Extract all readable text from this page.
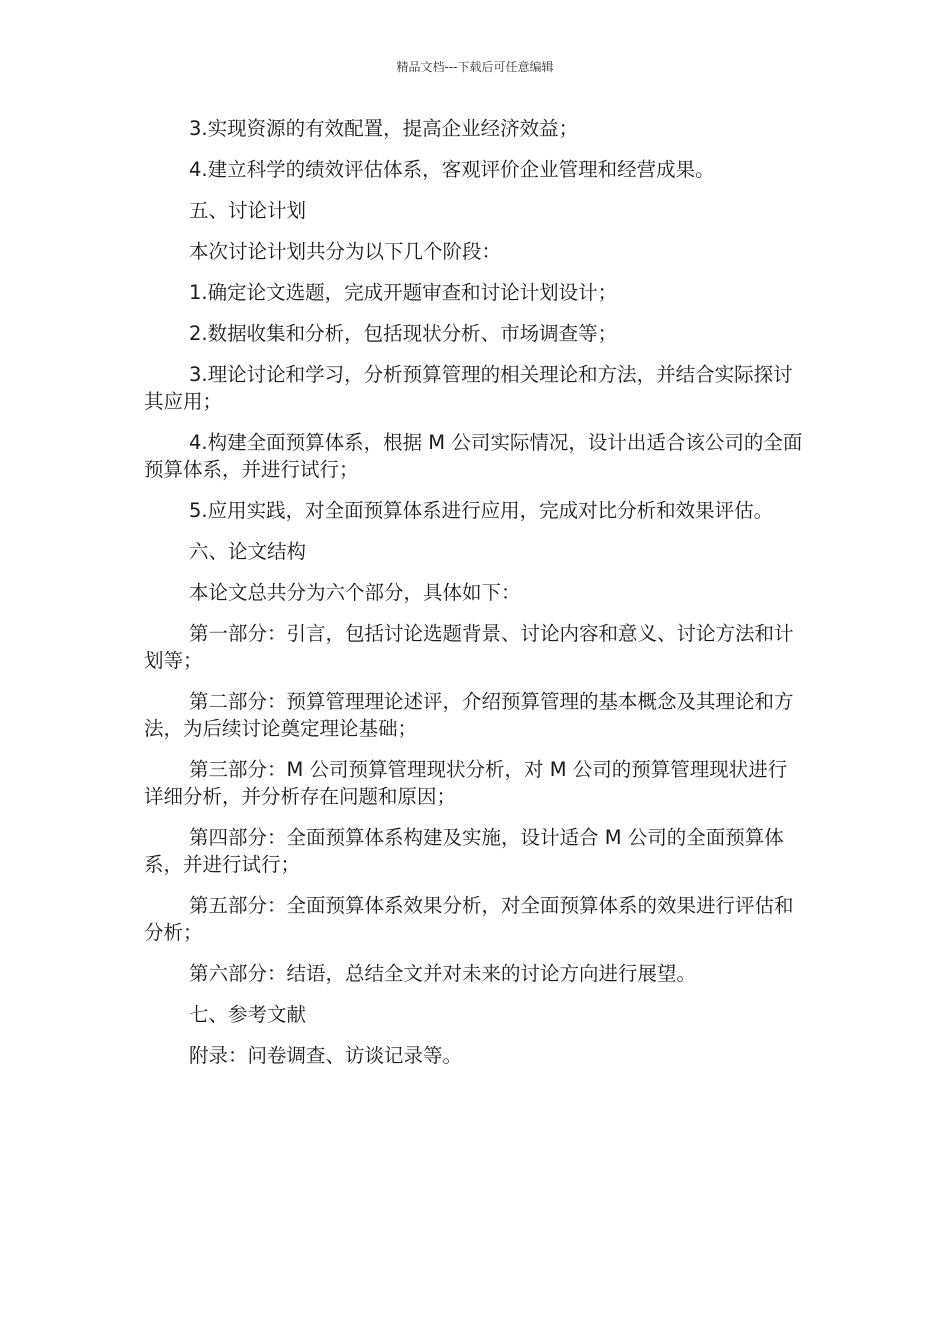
精品文档---下载后可任意编辑

3.实现资源的有效配置，提高企业经济效益；

4.建立科学的绩效评估体系，客观评价企业管理和经营成果。

五、讨论计划

本次讨论计划共分为以下几个阶段：

1.确定论文选题，完成开题审查和讨论计划设计；

2.数据收集和分析，包括现状分析、市场调查等；

3.理论讨论和学习，分析预算管理的相关理论和方法，并结合实际探讨其应用；

4.构建全面预算体系，根据 M 公司实际情况，设计出适合该公司的全面预算体系，并进行试行；

5.应用实践，对全面预算体系进行应用，完成对比分析和效果评估。

六、论文结构

本论文总共分为六个部分，具体如下：

第一部分：引言，包括讨论选题背景、讨论内容和意义、讨论方法和计划等；

第二部分：预算管理理论述评，介绍预算管理的基本概念及其理论和方法，为后续讨论奠定理论基础；

第三部分：M 公司预算管理现状分析，对 M 公司的预算管理现状进行详细分析，并分析存在问题和原因；

第四部分：全面预算体系构建及实施，设计适合 M 公司的全面预算体系，并进行试行；

第五部分：全面预算体系效果分析，对全面预算体系的效果进行评估和分析；

第六部分：结语，总结全文并对未来的讨论方向进行展望。

七、参考文献

附录：问卷调查、访谈记录等。
